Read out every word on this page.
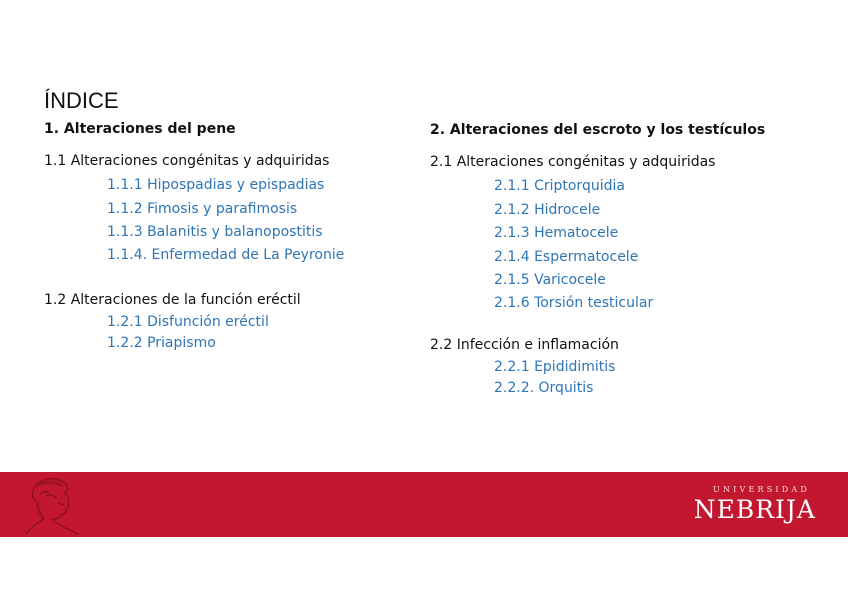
ÍNDICE
1. Alteraciones del pene
1.1 Alteraciones congénitas y adquiridas
1.1.1 Hipospadias y epispadias
1.1.2 Fimosis y parafimosis
1.1.3 Balanitis y balanopostitis
1.1.4. Enfermedad de La Peyronie
1.2 Alteraciones de la función eréctil
1.2.1 Disfunción eréctil
1.2.2 Priapismo
2. Alteraciones del escroto y los testículos
2.1 Alteraciones congénitas y adquiridas
2.1.1 Criptorquidia
2.1.2 Hidrocele
2.1.3 Hematocele
2.1.4 Espermatocele
2.1.5 Varicocele
2.1.6 Torsión testicular
2.2 Infección e inflamación
2.2.1 Epididimitis
2.2.2. Orquitis
UNIVERSIDAD
NEBRIJA
